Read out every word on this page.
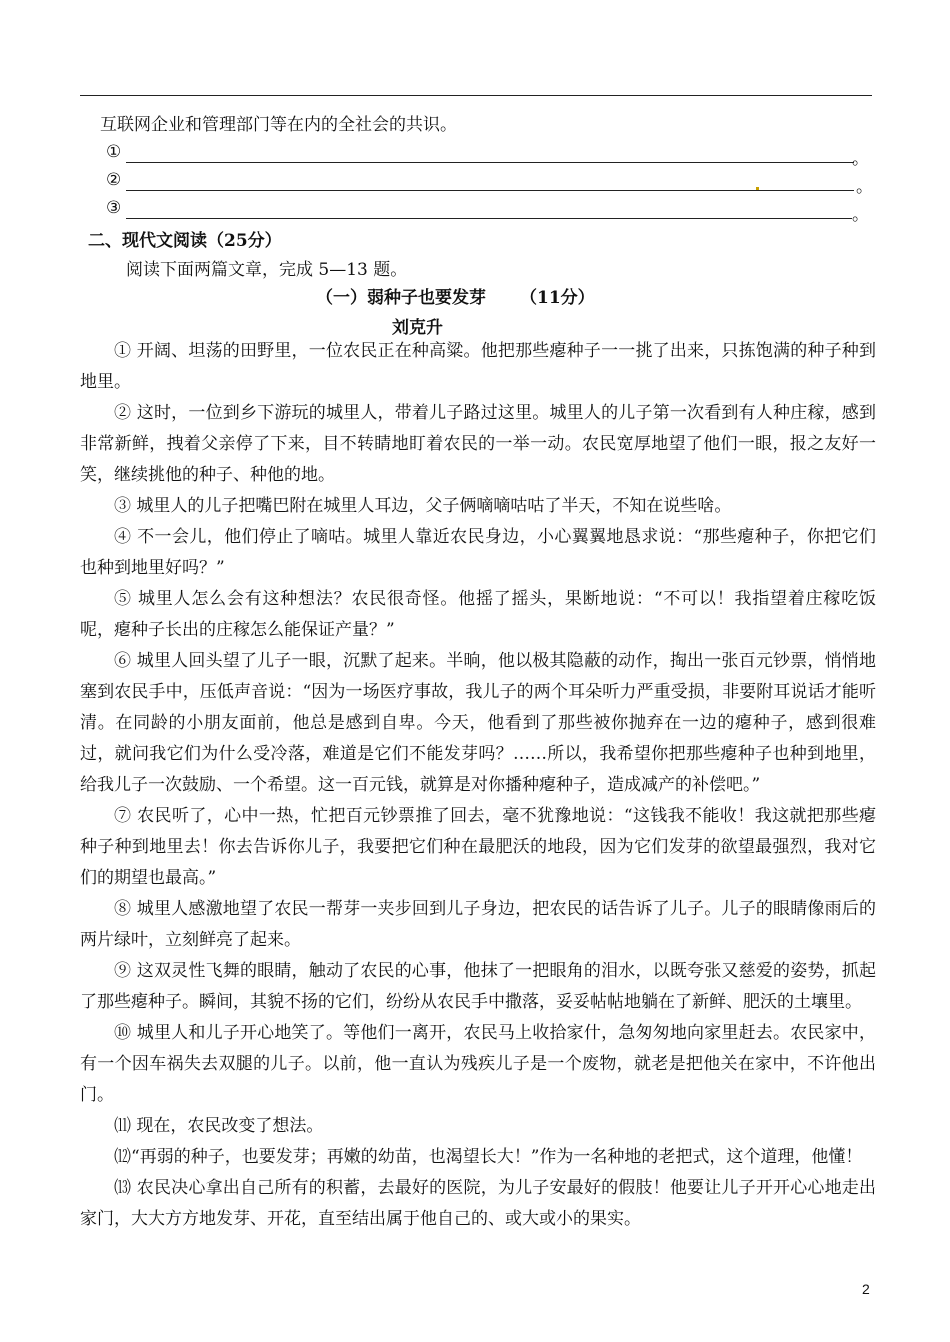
互联网企业和管理部门等在内的全社会的共识。
①	。
②	。
③	。
二、现代文阅读（25分）
阅读下面两篇文章，完成 5—13 题。
（一）弱种子也要发芽 （11分）
刘克升

① 开阔、坦荡的田野里，一位农民正在种高粱。他把那些瘪种子一一挑了出来，只拣饱满的种子种到地里。

② 这时，一位到乡下游玩的城里人，带着儿子路过这里。城里人的儿子第一次看到有人种庄稼，感到非常新鲜，拽着父亲停了下来，目不转睛地盯着农民的一举一动。农民宽厚地望了他们一眼，报之友好一笑，继续挑他的种子、种他的地。

③ 城里人的儿子把嘴巴附在城里人耳边，父子俩嘀嘀咕咕了半天，不知在说些啥。

④ 不一会儿，他们停止了嘀咕。城里人靠近农民身边，小心翼翼地恳求说：“那些瘪种子，你把它们也种到地里好吗？”

⑤ 城里人怎么会有这种想法？农民很奇怪。他摇了摇头，果断地说：“不可以！我指望着庄稼吃饭呢，瘪种子长出的庄稼怎么能保证产量？”

⑥ 城里人回头望了儿子一眼，沉默了起来。半晌，他以极其隐蔽的动作，掏出一张百元钞票，悄悄地塞到农民手中，压低声音说：“因为一场医疗事故，我儿子的两个耳朵听力严重受损，非要附耳说话才能听清。在同龄的小朋友面前，他总是感到自卑。今天，他看到了那些被你抛弃在一边的瘪种子，感到很难过，就问我它们为什么受冷落，难道是它们不能发芽吗？……所以，我希望你把那些瘪种子也种到地里，给我儿子一次鼓励、一个希望。这一百元钱，就算是对你播种瘪种子，造成减产的补偿吧。”

⑦ 农民听了，心中一热，忙把百元钞票推了回去，毫不犹豫地说：“这钱我不能收！我这就把那些瘪种子种到地里去！你去告诉你儿子，我要把它们种在最肥沃的地段，因为它们发芽的欲望最强烈，我对它们的期望也最高。”

⑧ 城里人感激地望了农民一帮芽一夹步回到儿子身边，把农民的话告诉了儿子。儿子的眼睛像雨后的两片绿叶，立刻鲜亮了起来。

⑨ 这双灵性飞舞的眼睛，触动了农民的心事，他抹了一把眼角的泪水，以既夸张又慈爱的姿势，抓起了那些瘪种子。瞬间，其貌不扬的它们，纷纷从农民手中撒落，妥妥帖帖地躺在了新鲜、肥沃的土壤里。

⑩ 城里人和儿子开心地笑了。等他们一离开，农民马上收拾家什，急匆匆地向家里赶去。农民家中，有一个因车祸失去双腿的儿子。以前，他一直认为残疾儿子是一个废物，就老是把他关在家中，不许他出门。

⑾ 现在，农民改变了想法。

⑿“再弱的种子，也要发芽；再嫩的幼苗，也渴望长大！”作为一名种地的老把式，这个道理，他懂！

⒀ 农民决心拿出自己所有的积蓄，去最好的医院，为儿子安最好的假肢！他要让儿子开开心心地走出家门，大大方方地发芽、开花，直至结出属于他自己的、或大或小的果实。

2
